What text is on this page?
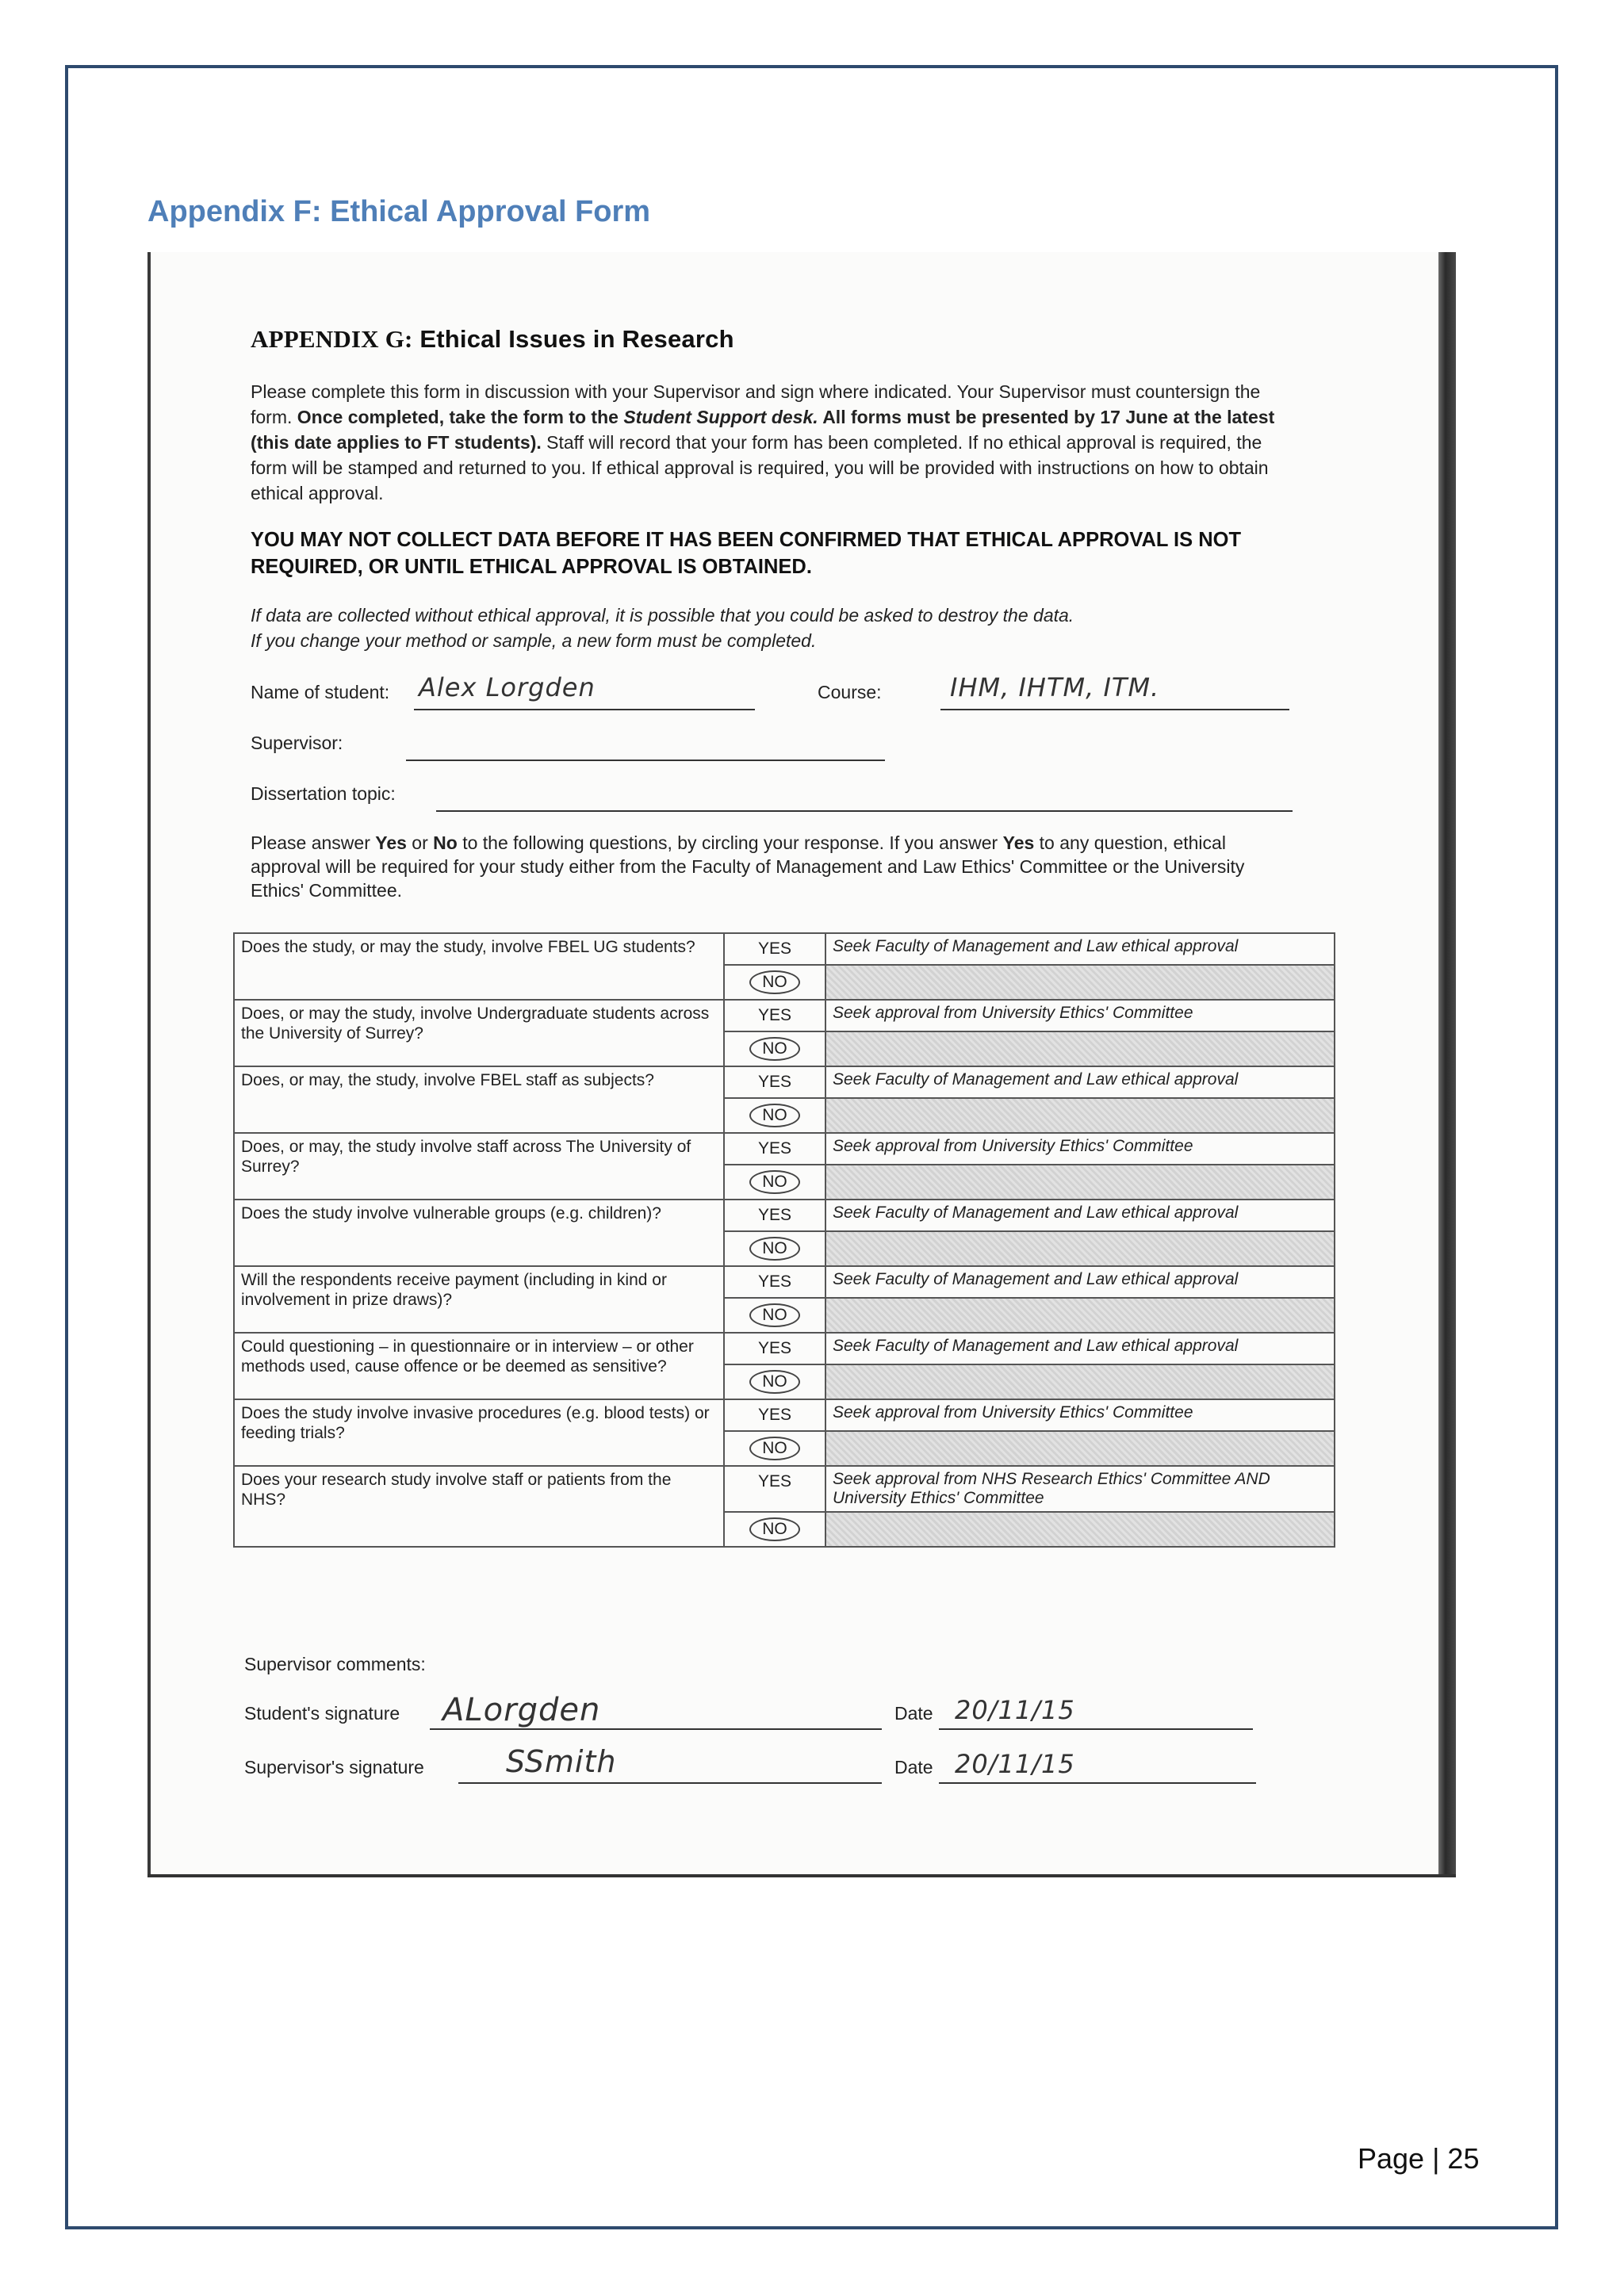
Appendix F: Ethical Approval Form
APPENDIX G: Ethical Issues in Research
Please complete this form in discussion with your Supervisor and sign where indicated. Your Supervisor must countersign the form. Once completed, take the form to the Student Support desk. All forms must be presented by 17 June at the latest (this date applies to FT students). Staff will record that your form has been completed. If no ethical approval is required, the form will be stamped and returned to you. If ethical approval is required, you will be provided with instructions on how to obtain ethical approval.
YOU MAY NOT COLLECT DATA BEFORE IT HAS BEEN CONFIRMED THAT ETHICAL APPROVAL IS NOT REQUIRED, OR UNTIL ETHICAL APPROVAL IS OBTAINED.
If data are collected without ethical approval, it is possible that you could be asked to destroy the data.
If you change your method or sample, a new form must be completed.
Name of student: Alex Lorgden	Course:	IHM, IHTM, ITM.
Supervisor:
Dissertation topic:
Please answer Yes or No to the following questions, by circling your response. If you answer Yes to any question, ethical approval will be required for your study either from the Faculty of Management and Law Ethics' Committee or the University Ethics' Committee.
Does the study, or may the study, involve FBEL UG students?	YES	Seek Faculty of Management and Law ethical approval
	NO	
Does, or may the study, involve Undergraduate students across the University of Surrey?	YES	Seek approval from University Ethics' Committee
	NO	
Does, or may, the study, involve FBEL staff as subjects?	YES	Seek Faculty of Management and Law ethical approval
	NO	
Does, or may, the study involve staff across The University of Surrey?	YES	Seek approval from University Ethics' Committee
	NO	
Does the study involve vulnerable groups (e.g. children)?	YES	Seek Faculty of Management and Law ethical approval
	NO	
Will the respondents receive payment (including in kind or involvement in prize draws)?	YES	Seek Faculty of Management and Law ethical approval
	NO	
Could questioning – in questionnaire or in interview – or other methods used, cause offence or be deemed as sensitive?	YES	Seek Faculty of Management and Law ethical approval
	NO	
Does the study involve invasive procedures (e.g. blood tests) or feeding trials?	YES	Seek approval from University Ethics' Committee
	NO	
Does your research study involve staff or patients from the NHS?	YES	Seek approval from NHS Research Ethics' Committee AND University Ethics' Committee
	NO	
Supervisor comments:
Student's signature ALorgden	Date 20/11/15
Supervisor's signature	SSmith	Date 20/11/15
Page | 25
